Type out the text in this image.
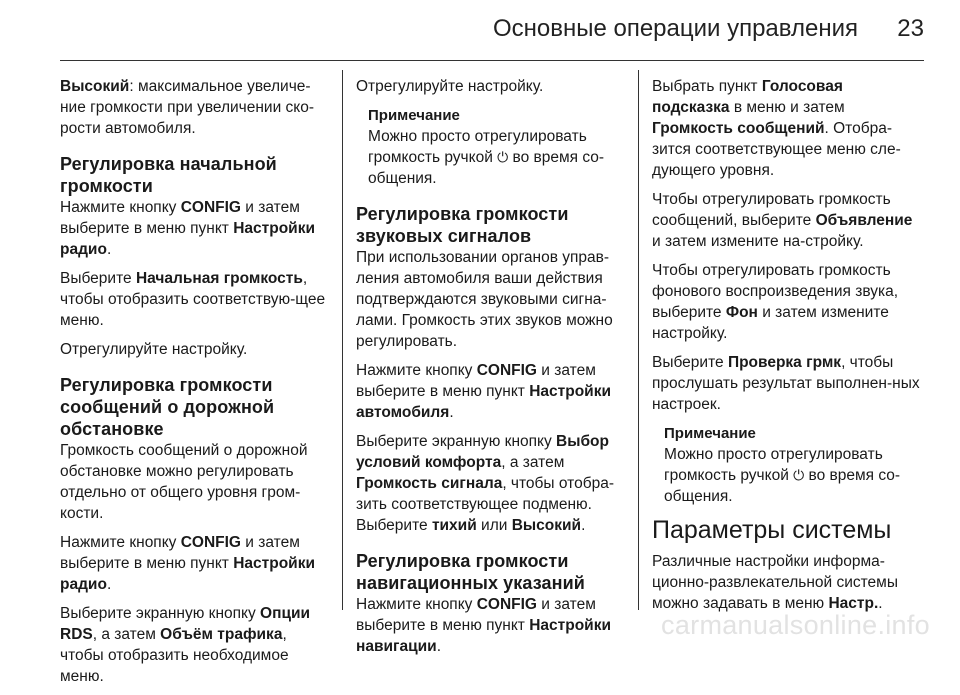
Основные операции управления 23

Высокий: максимальное увеличе-ние громкости при увеличении ско-рости автомобиля.

Регулировка начальной громкости

Нажмите кнопку CONFIG и затем выберите в меню пункт Настройки радио.

Выберите Начальная громкость, чтобы отобразить соответствую-щее меню.

Отрегулируйте настройку.

Регулировка громкости сообщений о дорожной обстановке

Громкость сообщений о дорожной обстановке можно регулировать отдельно от общего уровня гром-кости.

Нажмите кнопку CONFIG и затем выберите в меню пункт Настройки радио.

Выберите экранную кнопку Опции RDS, а затем Объём трафика, чтобы отобразить необходимое меню.

Отрегулируйте настройку.

Примечание
Можно просто отрегулировать громкость ручкой ⏻ во время со-общения.
Регулировка громкости звуковых сигналов

При использовании органов управ-ления автомобиля ваши действия подтверждаются звуковыми сигна-лами. Громкость этих звуков можно регулировать.

Нажмите кнопку CONFIG и затем выберите в меню пункт Настройки автомобиля.

Выберите экранную кнопку Выбор условий комфорта, а затем Громкость сигнала, чтобы отобра-зить соответствующее подменю. Выберите тихий или Высокий.

Регулировка громкости навигационных указаний

Нажмите кнопку CONFIG и затем выберите в меню пункт Настройки навигации.

Выбрать пункт Голосовая подсказка в меню и затем Громкость сообщений. Отобра-зится соответствующее меню сле-дующего уровня.

Чтобы отрегулировать громкость сообщений, выберите Объявление и затем измените на-стройку.

Чтобы отрегулировать громкость фонового воспроизведения звука, выберите Фон и затем измените настройку.

Выберите Проверка грмк, чтобы прослушать результат выполнен-ных настроек.

Примечание
Можно просто отрегулировать громкость ручкой ⏻ во время со-общения.
Параметры системы

Различные настройки информа-ционно-развлекательной системы можно задавать в меню Настр..

carmanualsonline.info
